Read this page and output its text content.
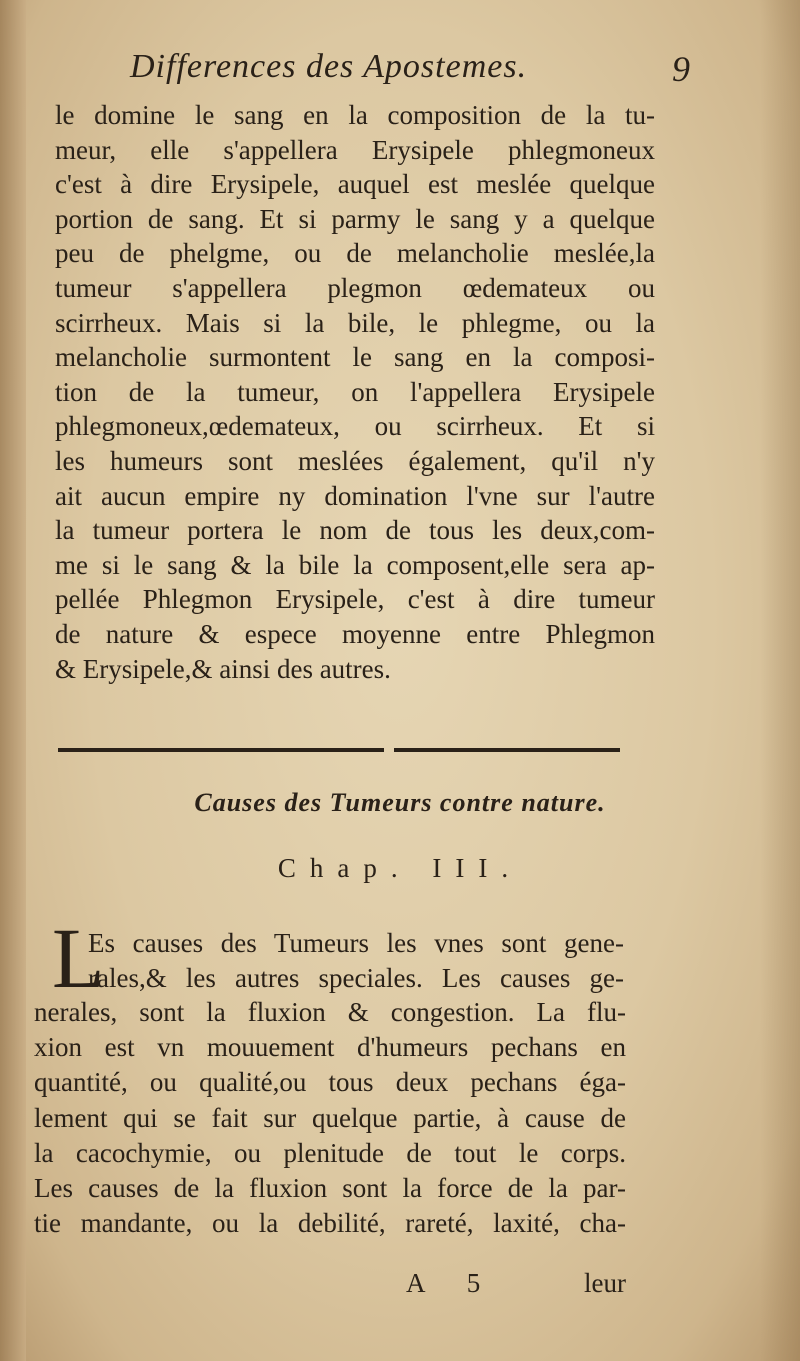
Differences des Apostemes.	9
le domine le sang en la composition de la tu-
meur, elle s'appellera Erysipele phlegmoneux
c'est à dire Erysipele, auquel est meslée quelque
portion de sang. Et si parmy le sang y a quelque
peu de phelgme, ou de melancholie meslée,la
tumeur s'appellera plegmon œdemateux ou
scirrheux. Mais si la bile, le phlegme, ou la
melancholie surmontent le sang en la composi-
tion de la tumeur, on l'appellera Erysipele
phlegmoneux,œdemateux, ou scirrheux. Et si
les humeurs sont meslées également, qu'il n'y
ait aucun empire ny domination l'vne sur l'autre
la tumeur portera le nom de tous les deux,com-
me si le sang & la bile la composent,elle sera ap-
pellée Phlegmon Erysipele, c'est à dire tumeur
de nature & espece moyenne entre Phlegmon
& Erysipele,& ainsi des autres.
Causes des Tumeurs contre nature.
Chap. III.
L
Es causes des Tumeurs les vnes sont gene-
rales,& les autres speciales. Les causes ge-
nerales, sont la fluxion & congestion. La flu-
xion est vn mouuement d'humeurs pechans en
quantité, ou qualité,ou tous deux pechans éga-
lement qui se fait sur quelque partie, à cause de
la cacochymie, ou plenitude de tout le corps.
Les causes de la fluxion sont la force de la par-
tie mandante, ou la debilité, rareté, laxité, cha-
A 5	leur
